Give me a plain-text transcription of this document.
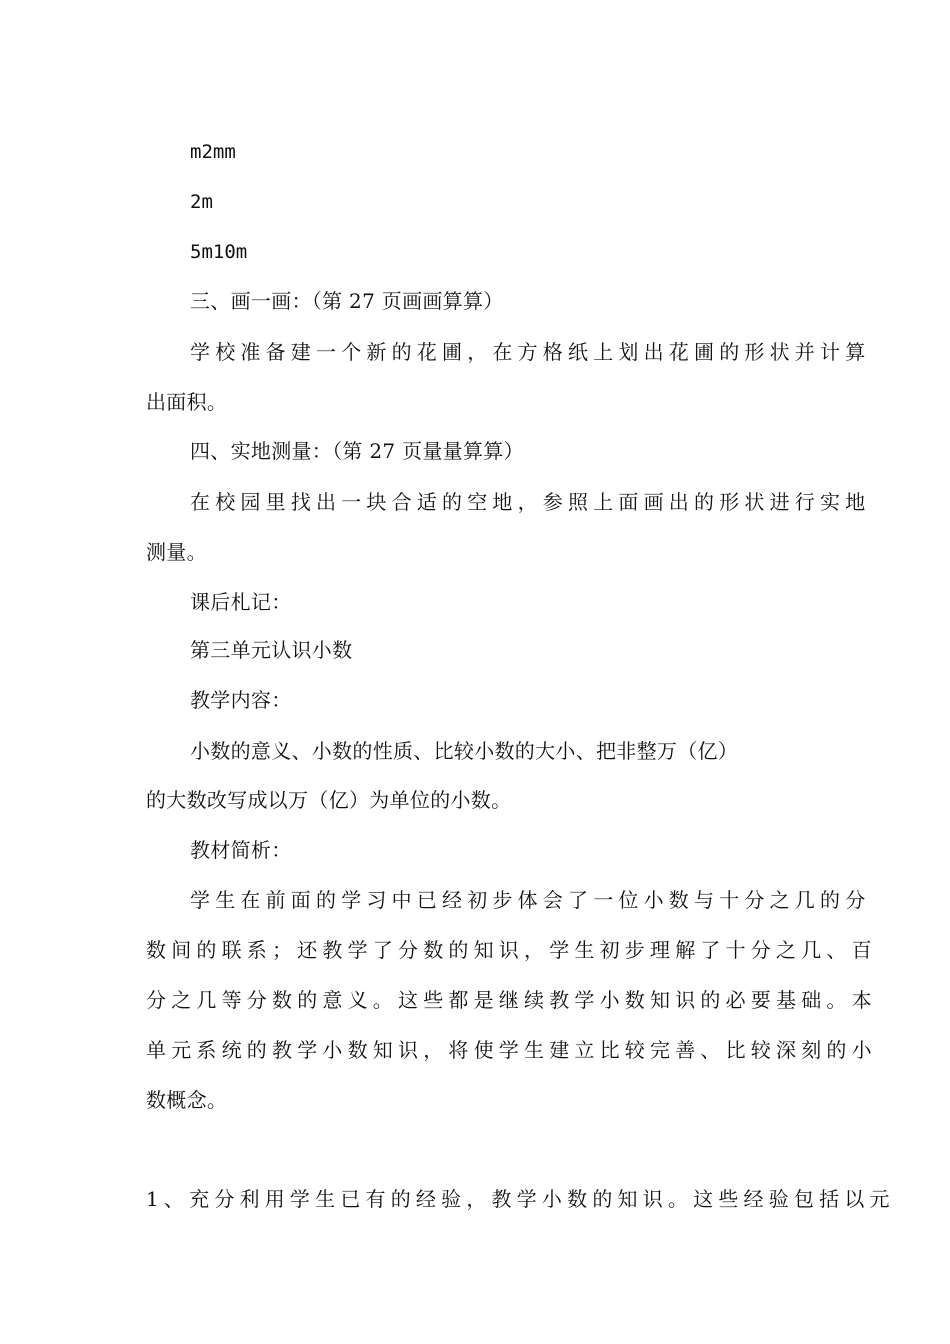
m2mm
2m
5m10m
三、画一画：（第 27 页画画算算）
学校准备建一个新的花圃，在方格纸上划出花圃的形状并计算
出面积。
四、实地测量：（第 27 页量量算算）
在校园里找出一块合适的空地，参照上面画出的形状进行实地
测量。
课后札记：
第三单元认识小数
教学内容：
小数的意义、小数的性质、比较小数的大小、把非整万（亿）
的大数改写成以万（亿）为单位的小数。
教材简析：
学生在前面的学习中已经初步体会了一位小数与十分之几的分
数间的联系；还教学了分数的知识，学生初步理解了十分之几、百
分之几等分数的意义。这些都是继续教学小数知识的必要基础。本
单元系统的教学小数知识，将使学生建立比较完善、比较深刻的小
数概念。
1、充分利用学生已有的经验，教学小数的知识。这些经验包括以元
